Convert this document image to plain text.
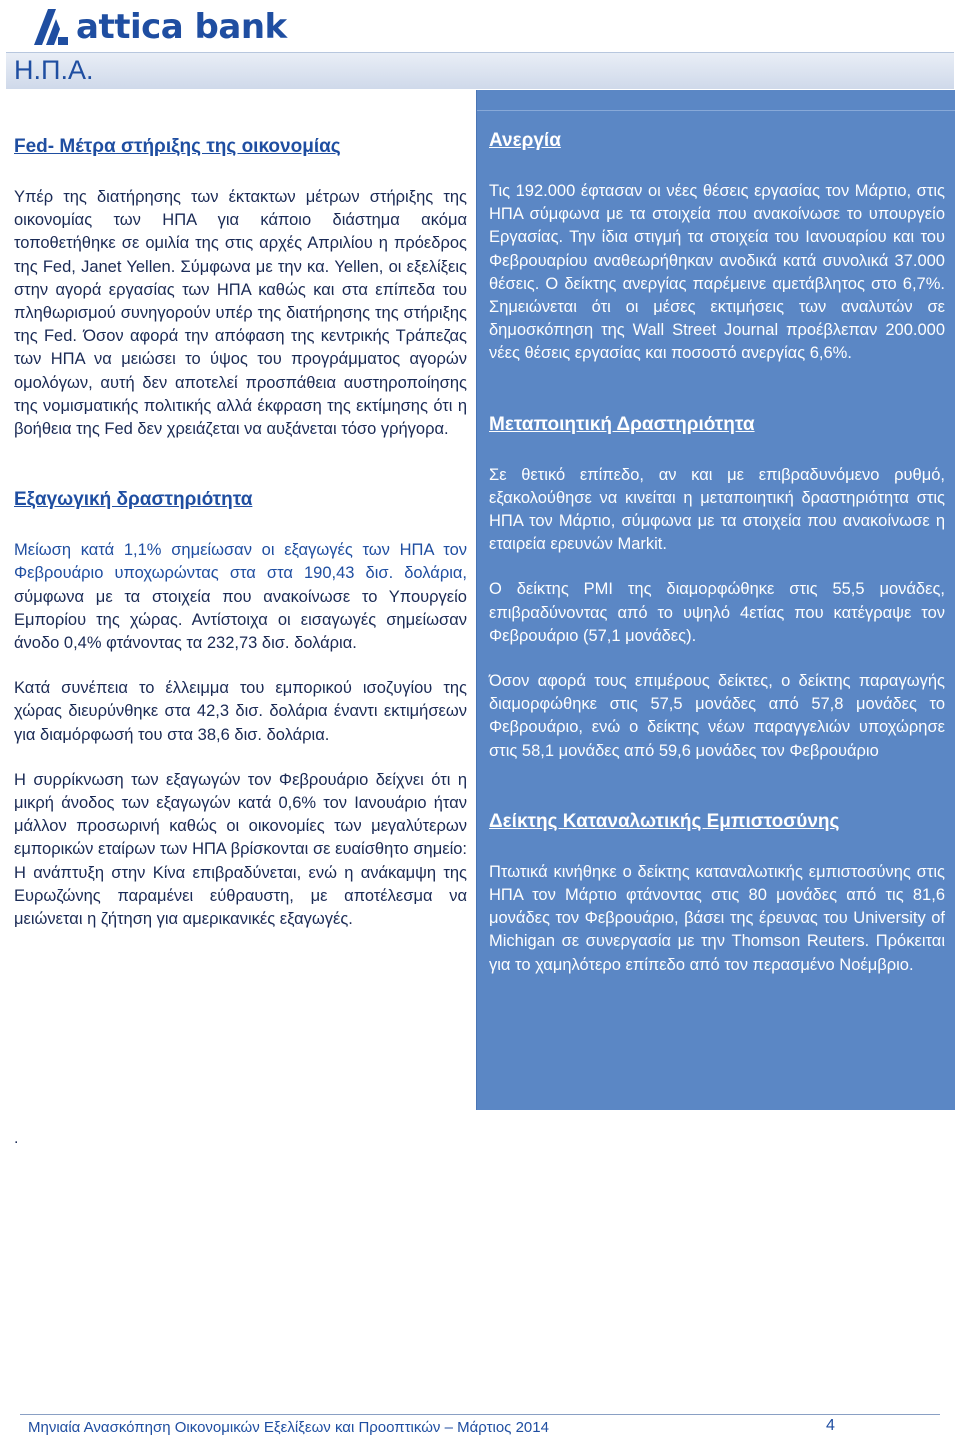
attica bank
Η.Π.Α.
Fed- Μέτρα στήριξης της οικονομίας

Υπέρ της διατήρησης των έκτακτων μέτρων στήριξης της οικονομίας των ΗΠΑ για κάποιο διάστημα ακόμα τοποθετήθηκε σε ομιλία της στις αρχές Απριλίου η πρόεδρος της Fed, Janet Yellen. Σύμφωνα με την κα. Yellen, οι εξελίξεις στην αγορά εργασίας των ΗΠΑ καθώς και στα επίπεδα του πληθωρισμού συνηγορούν υπέρ της διατήρησης της στήριξης της Fed. Όσον αφορά την απόφαση της κεντρικής Τράπεζας των ΗΠΑ να μειώσει το ύψος του προγράμματος αγορών ομολόγων, αυτή δεν αποτελεί προσπάθεια αυστηροποίησης της νομισματικής πολιτικής αλλά έκφραση της εκτίμησης ότι η βοήθεια της Fed δεν χρειάζεται να αυξάνεται τόσο γρήγορα.

Εξαγωγική δραστηριότητα

Μείωση κατά 1,1% σημείωσαν οι εξαγωγές των ΗΠΑ τον Φεβρουάριο υποχωρώντας στα στα 190,43 δισ. δολάρια, σύμφωνα με τα στοιχεία που ανακοίνωσε το Υπουργείο Εμπορίου της χώρας. Αντίστοιχα οι εισαγωγές σημείωσαν άνοδο 0,4% φτάνοντας τα 232,73 δισ. δολάρια.

Κατά συνέπεια το έλλειμμα του εμπορικού ισοζυγίου της χώρας διευρύνθηκε στα 42,3 δισ. δολάρια έναντι εκτιμήσεων για διαμόρφωσή του στα 38,6 δισ. δολάρια.

Η συρρίκνωση των εξαγωγών τον Φεβρουάριο δείχνει ότι η μικρή άνοδος των εξαγωγών κατά 0,6% τον Ιανουάριο ήταν μάλλον προσωρινή καθώς οι οικονομίες των μεγαλύτερων εμπορικών εταίρων των ΗΠΑ βρίσκονται σε ευαίσθητο σημείο: Η ανάπτυξη στην Κίνα επιβραδύνεται, ενώ η ανάκαμψη της Ευρωζώνης παραμένει εύθραυστη, με αποτέλεσμα να μειώνεται η ζήτηση για αμερικανικές εξαγωγές.

.
Ανεργία

Τις 192.000 έφτασαν οι νέες θέσεις εργασίας τον Μάρτιο, στις ΗΠΑ σύμφωνα με τα στοιχεία που ανακοίνωσε το υπουργείο Εργασίας. Την ίδια στιγμή τα στοιχεία του Ιανουαρίου και του Φεβρουαρίου αναθεωρήθηκαν ανοδικά κατά συνολικά 37.000 θέσεις. Ο δείκτης ανεργίας παρέμεινε αμετάβλητος στο 6,7%. Σημειώνεται ότι οι μέσες εκτιμήσεις των αναλυτών σε δημοσκόπηση της Wall Street Journal προέβλεπαν 200.000 νέες θέσεις εργασίας και ποσοστό ανεργίας 6,6%.

Μεταποιητική Δραστηριότητα

Σε θετικό επίπεδο, αν και με επιβραδυνόμενο ρυθμό, εξακολούθησε να κινείται η μεταποιητική δραστηριότητα στις ΗΠΑ τον Μάρτιο, σύμφωνα με τα στοιχεία που ανακοίνωσε η εταιρεία ερευνών Markit.

Ο δείκτης PMI της διαμορφώθηκε στις 55,5 μονάδες, επιβραδύνοντας από το υψηλό 4ετίας που κατέγραψε τον Φεβρουάριο (57,1 μονάδες).

Όσον αφορά τους επιμέρους δείκτες, ο δείκτης παραγωγής διαμορφώθηκε στις 57,5 μονάδες από 57,8 μονάδες το Φεβρουάριο, ενώ ο δείκτης νέων παραγγελιών υποχώρησε στις 58,1 μονάδες από 59,6 μονάδες τον Φεβρουάριο

Δείκτης Καταναλωτικής Εμπιστοσύνης

Πτωτικά κινήθηκε ο δείκτης καταναλωτικής εμπιστοσύνης στις ΗΠΑ τον Μάρτιο φτάνοντας στις 80 μονάδες από τις 81,6 μονάδες τον Φεβρουάριο, βάσει της έρευνας του University of Michigan σε συνεργασία με την Thomson Reuters. Πρόκειται για το χαμηλότερο επίπεδο από τον περασμένο Νοέμβριο.

Μηνιαία Ανασκόπηση Οικονομικών Εξελίξεων και Προοπτικών – Μάρτιος 2014	4
